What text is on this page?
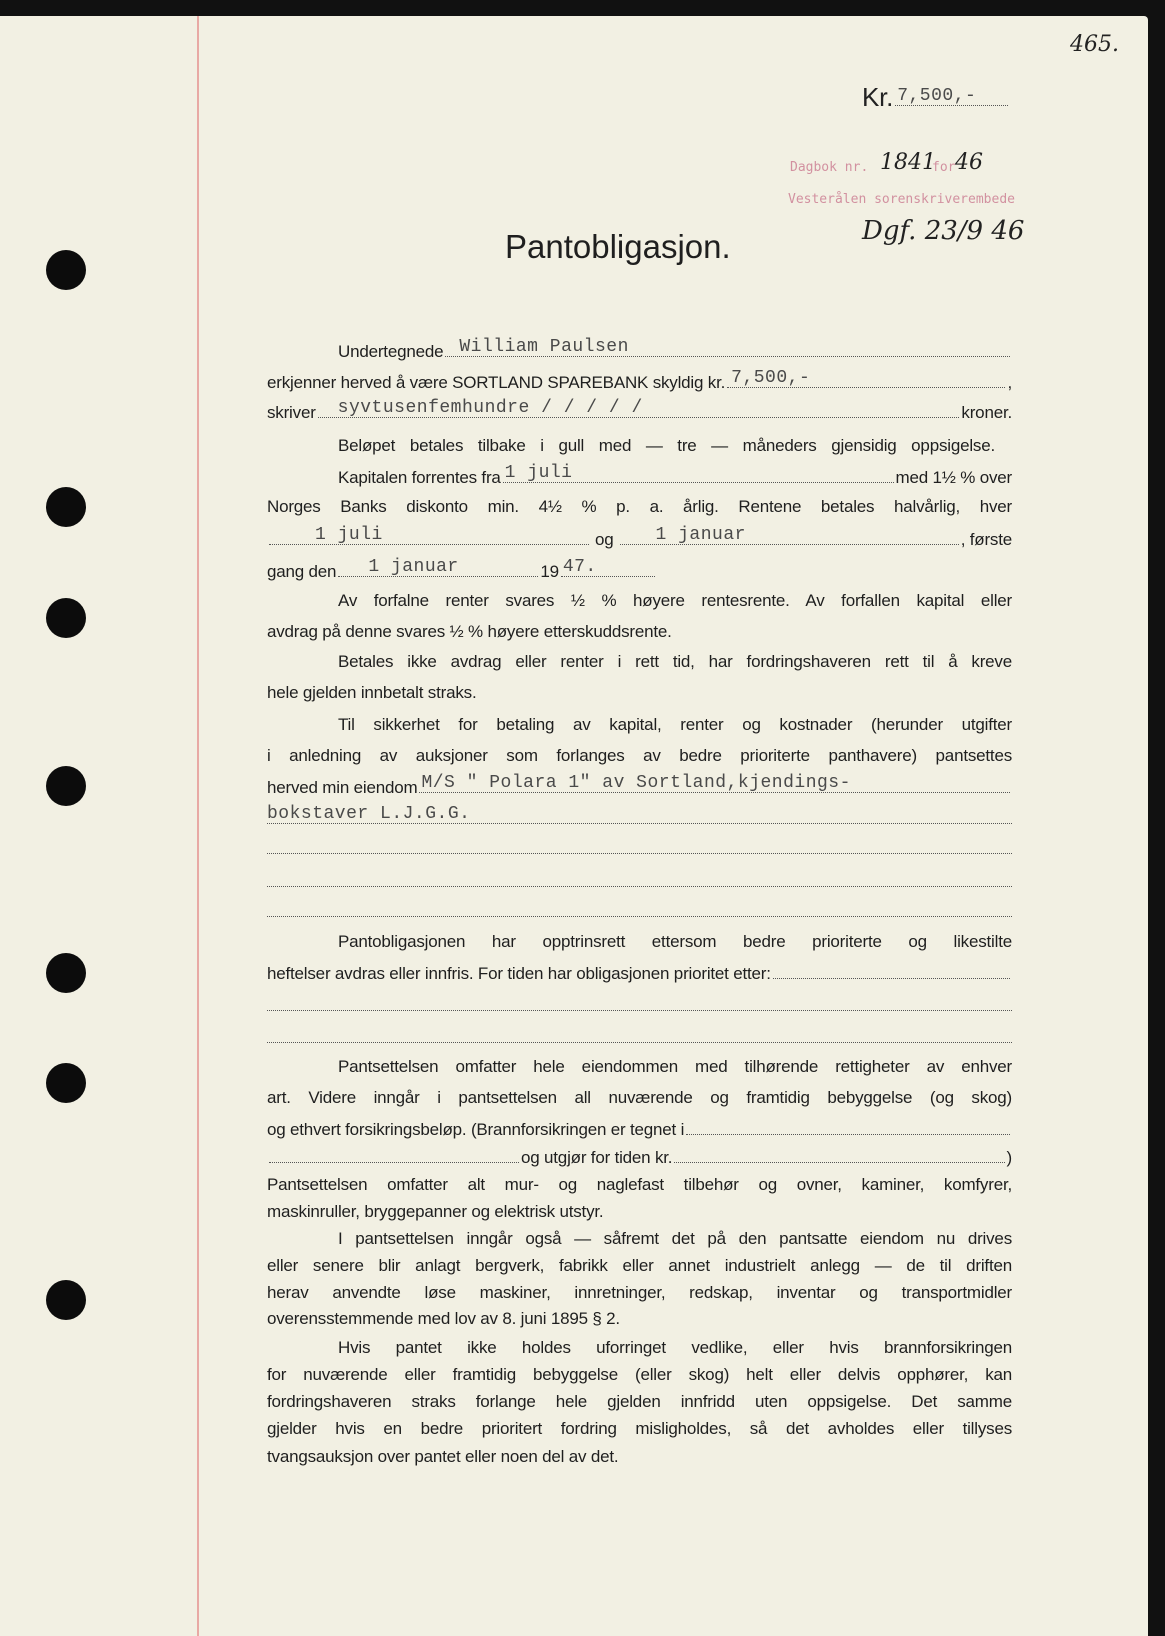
465.
Kr. 7,500,-
Dagbok nr. 1841
for 46
Vesterålen sorenskriverembede
Dgf. 23/9 46
Pantobligasjon.
Undertegnede William Paulsen
erkjenner herved å være SORTLAND SPAREBANK skyldig kr. 7,500,-	,
skriver syvtusenfemhundre / / / / /	kroner.
Beløpet betales tilbake i gull med — tre — måneders gjensidig oppsigelse.
Kapitalen forrentes fra 1 juli	med 1½ % over
Norges Banks diskonto min. 4½ % p. a. årlig. Rentene betales halvårlig, hver
1 juli	og 1 januar	, første
gang den 1 januar	19 47.
Av forfalne renter svares ½ % høyere rentesrente. Av forfallen kapital eller
avdrag på denne svares ½ % høyere etterskuddsrente.
Betales ikke avdrag eller renter i rett tid, har fordringshaveren rett til å kreve
hele gjelden innbetalt straks.
Til sikkerhet for betaling av kapital, renter og kostnader (herunder utgifter
i anledning av auksjoner som forlanges av bedre prioriterte panthavere) pantsettes
herved min eiendom M/S " Polara 1" av Sortland,kjendings-
bokstaver L.J.G.G.
Pantobligasjonen har opptrinsrett ettersom bedre prioriterte og likestilte
heftelser avdras eller innfris. For tiden har obligasjonen prioritet etter:
Pantsettelsen omfatter hele eiendommen med tilhørende rettigheter av enhver
art. Videre inngår i pantsettelsen all nuværende og framtidig bebyggelse (og skog)
og ethvert forsikringsbeløp. (Brannforsikringen er tegnet i
og utgjør for tiden kr.	)
Pantsettelsen omfatter alt mur- og naglefast tilbehør og ovner, kaminer, komfyrer,
maskinruller, bryggepanner og elektrisk utstyr.
I pantsettelsen inngår også — såfremt det på den pantsatte eiendom nu drives
eller senere blir anlagt bergverk, fabrikk eller annet industrielt anlegg — de til driften
herav anvendte løse maskiner, innretninger, redskap, inventar og transportmidler
overensstemmende med lov av 8. juni 1895 § 2.
Hvis pantet ikke holdes uforringet vedlike, eller hvis brannforsikringen
for nuværende eller framtidig bebyggelse (eller skog) helt eller delvis opphører, kan
fordringshaveren straks forlange hele gjelden innfridd uten oppsigelse. Det samme
gjelder hvis en bedre prioritert fordring misligholdes, så det avholdes eller tillyses
tvangsauksjon over pantet eller noen del av det.
